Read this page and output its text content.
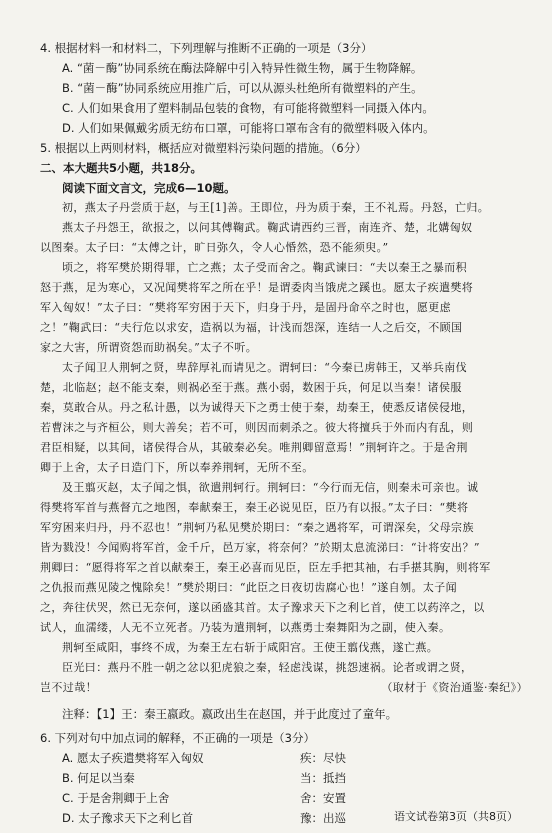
4. 根据材料一和材料二，下列理解与推断不正确的一项是（3分）
A. “菌－酶”协同系统在酶法降解中引入特异性微生物，属于生物降解。
B. “菌－酶”协同系统应用推广后，可以从源头杜绝所有微塑料的产生。
C. 人们如果食用了塑料制品包装的食物，有可能将微塑料一同摄入体内。
D. 人们如果佩戴劣质无纺布口罩，可能将口罩布含有的微塑料吸入体内。
5. 根据以上两则材料，概括应对微塑料污染问题的措施。（6分）
二、本大题共5小题，共18分。
阅读下面文言文，完成6—10题。
初，燕太子丹尝质于赵，与王[1]善。王即位，丹为质于秦，王不礼焉。丹怒，亡归。
燕太子丹怨王，欲报之，以问其傅鞠武。鞠武请西约三晋，南连齐、楚，北媾匈奴
以图秦。太子曰：“太傅之计，旷日弥久，令人心惛然，恐不能须臾。”
顷之，将军樊於期得罪，亡之燕；太子受而舍之。鞠武谏曰：“夫以秦王之暴而积
怒于燕，足为寒心，又况闻樊将军之所在乎！是谓委肉当饿虎之蹊也。愿太子疾遣樊将
军入匈奴！”太子曰：“樊将军穷困于天下，归身于丹，是固丹命卒之时也，愿更虑
之！”鞠武曰：“夫行危以求安，造祸以为福，计浅而怨深，连结一人之后交，不顾国
家之大害，所谓资怨而助祸矣。”太子不听。
太子闻卫人荆轲之贤，卑辞厚礼而请见之。谓轲曰：“今秦已虏韩王，又举兵南伐
楚，北临赵；赵不能支秦，则祸必至于燕。燕小弱，数困于兵，何足以当秦！诸侯服
秦，莫敢合从。丹之私计愚，以为诚得天下之勇士使于秦，劫秦王，使悉反诸侯侵地，
若曹沫之与齐桓公，则大善矣；若不可，则因而刺杀之。彼大将擅兵于外而内有乱，则
君臣相疑，以其间，诸侯得合从，其破秦必矣。唯荆卿留意焉！”荆轲许之。于是舍荆
卿于上舍，太子日造门下，所以奉养荆轲，无所不至。
及王翦灭赵，太子闻之惧，欲遣荆轲行。荆轲曰：“今行而无信，则秦未可亲也。诚
得樊将军首与燕督亢之地图，奉献秦王，秦王必说见臣，臣乃有以报。”太子曰：“樊将
军穷困来归丹，丹不忍也！”荆轲乃私见樊於期曰：“秦之遇将军，可谓深矣，父母宗族
皆为戮没！今闻购将军首，金千斤，邑万家，将奈何？”於期太息流涕曰：“计将安出？”
荆卿曰：“愿得将军之首以献秦王，秦王必喜而见臣，臣左手把其袖，右手揕其胸，则将军
之仇报而燕见陵之愧除矣！”樊於期曰：“此臣之日夜切齿腐心也！”遂自刎。太子闻
之，奔往伏哭，然已无奈何，遂以函盛其首。太子豫求天下之利匕首，使工以药淬之，以
试人，血濡缕，人无不立死者。乃装为遣荆轲，以燕勇士秦舞阳为之副，使入秦。
荆轲至咸阳，事终不成，为秦王左右斩于咸阳宫。王使王翦伐燕，遂亡燕。
臣光曰：燕丹不胜一朝之忿以犯虎狼之秦，轻虑浅谋，挑怨速祸。论者或谓之贤，
岂不过哉！	（取材于《资治通鉴·秦纪》）
注释：【1】王：秦王嬴政。嬴政出生在赵国，并于此度过了童年。
6. 下列对句中加点词的解释，不正确的一项是（3分）
A. 愿太子疾遣樊将军入匈奴	疾：尽快
B. 何足以当秦	当：抵挡
C. 于是舍荆卿于上舍	舍：安置
D. 太子豫求天下之利匕首	豫：出巡	语文试卷第3页（共8页）
